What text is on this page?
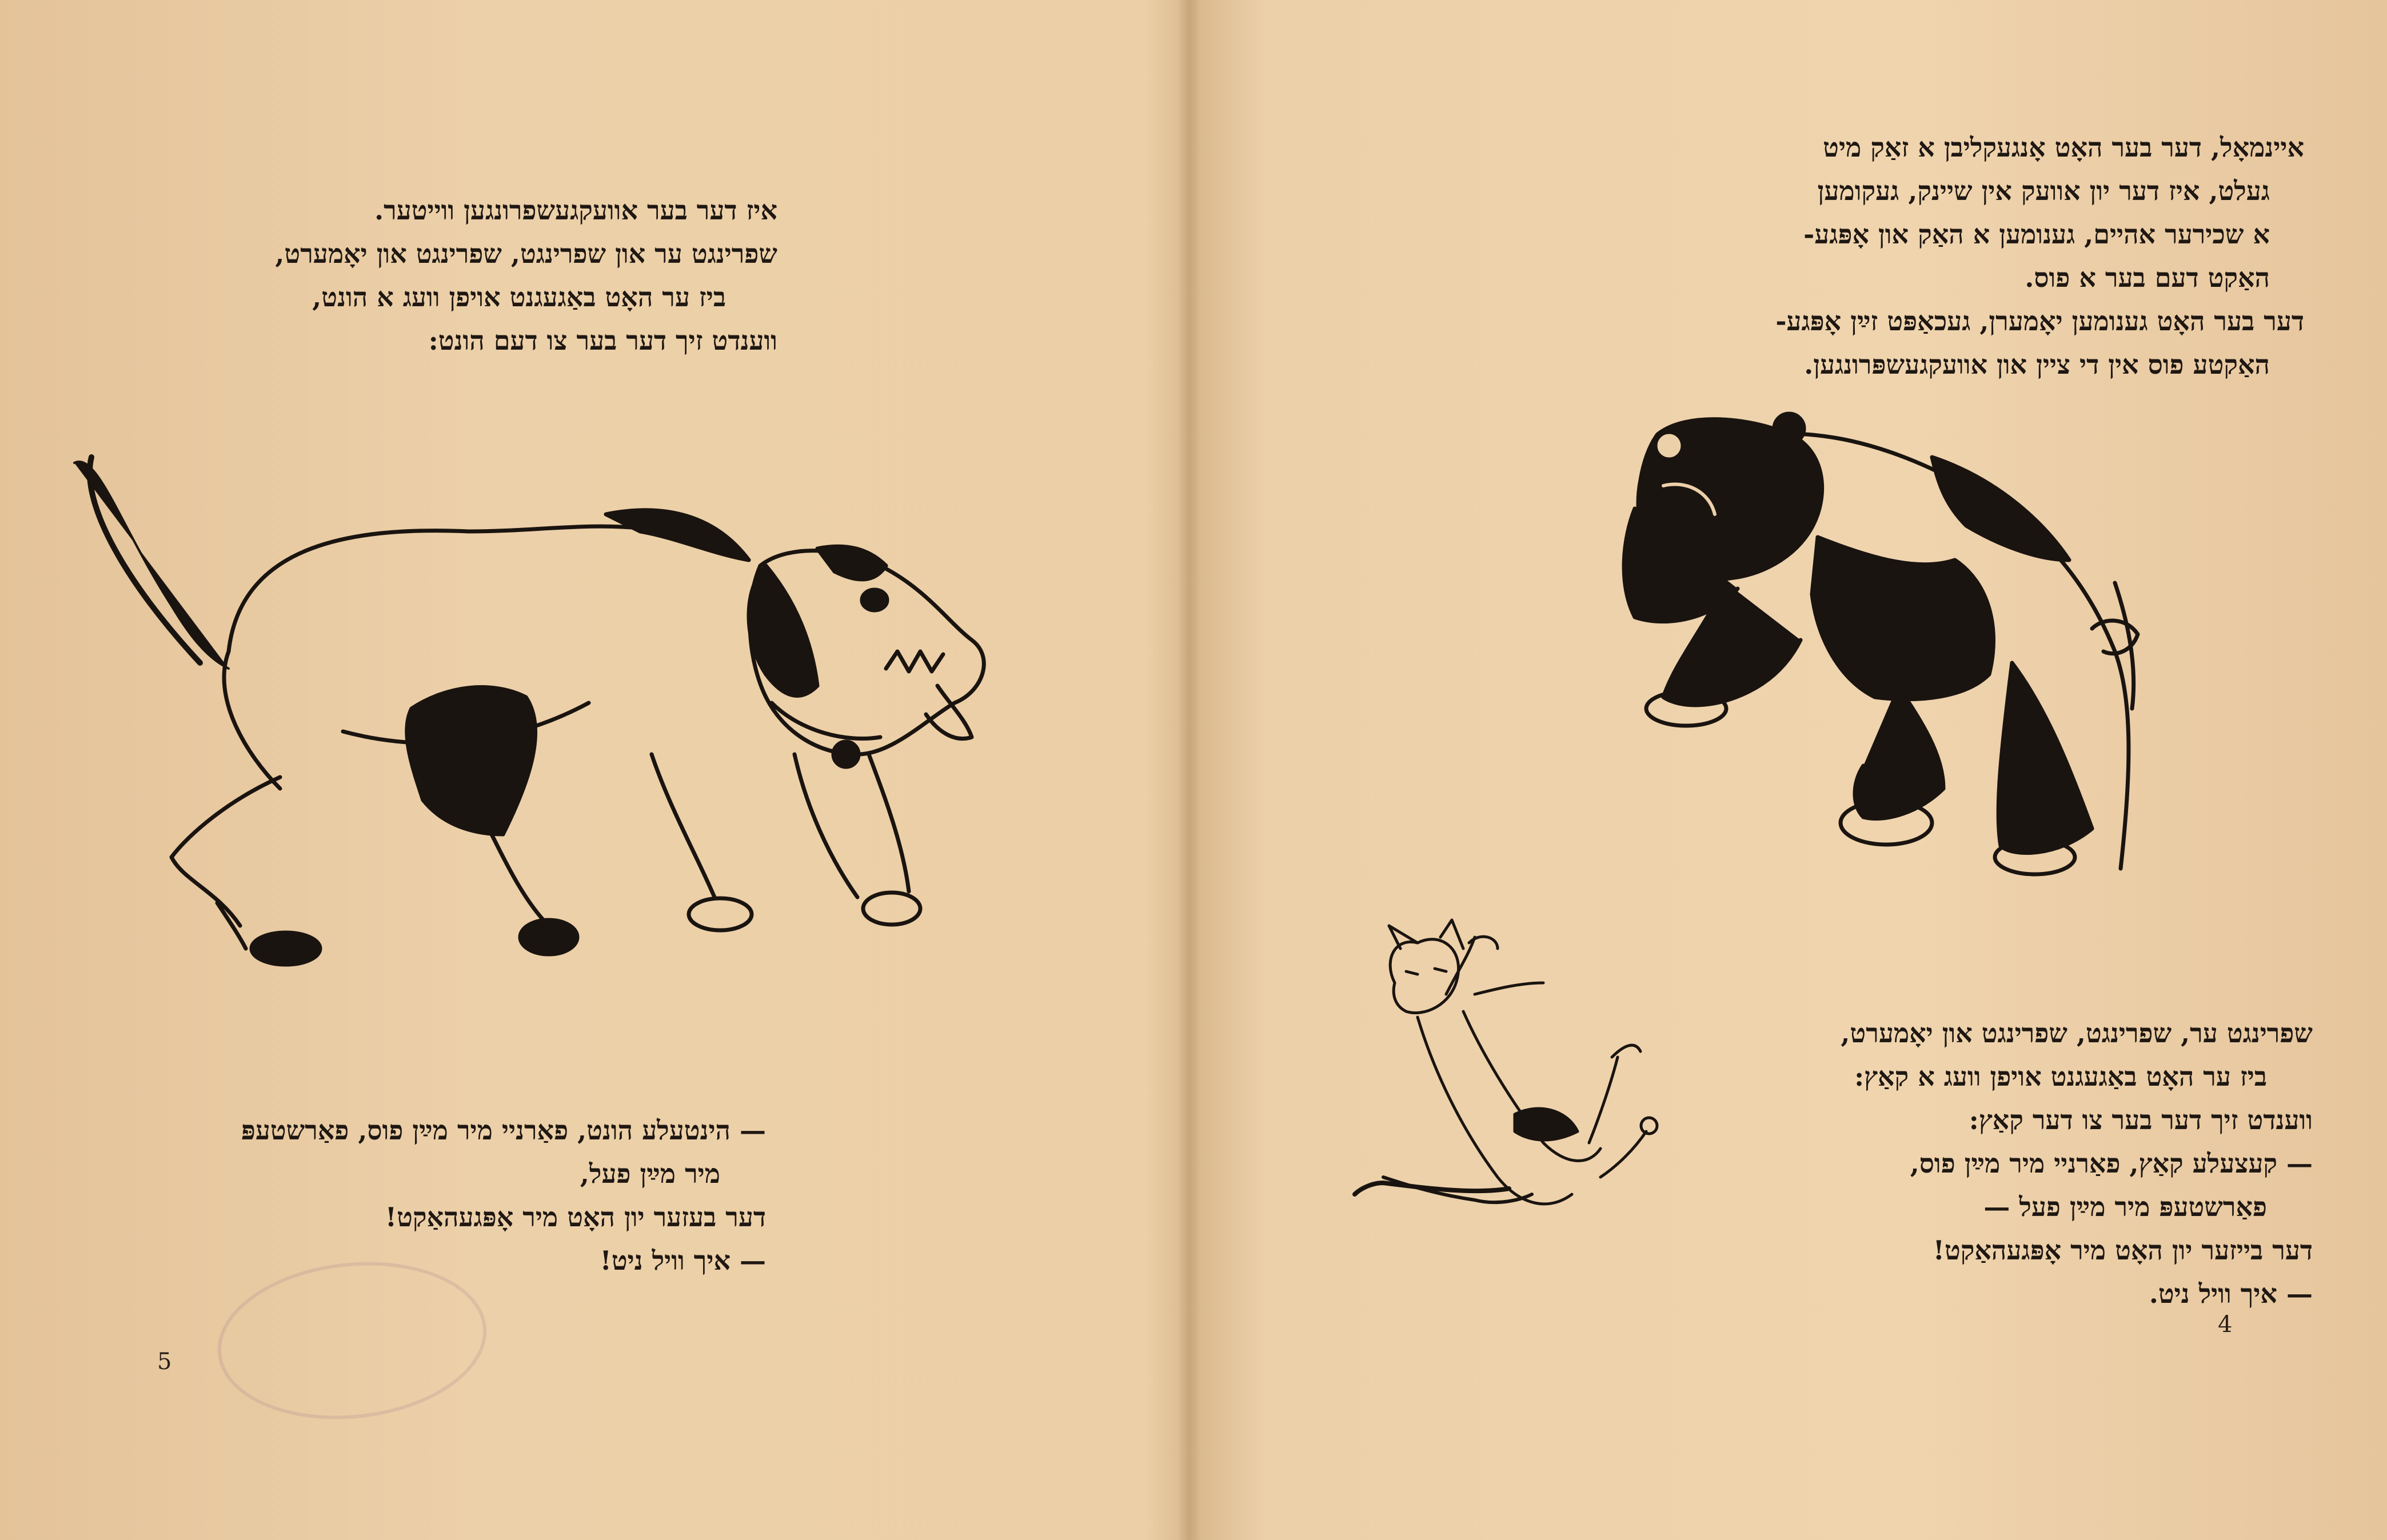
איז דער בער אוועקגעשפרונגען ווייטער.

שפרינגט ער און שפרינגט, שפרינגט און יאָמערט,

ביז ער האָט באַגעגנט אויפן וועג א הונט,

ווענדט זיך דער בער צו דעם הונט:

— הינטעלע הונט, פאַרניי מיר מײַן פוס, פאַרשטעפּ

מיר מײַן פעל,

דער בעזער יון האָט מיר אָפּגעהאַקט!

— איך וויל ניט!

5

איינמאָל, דער בער האָט אָנגעקליבן א זאַק מיט

געלט, איז דער יון אוועק אין שיינק, געקומען

א שכירער אהיים, גענומען א האַק און אָפּגע-

האַקט דעם בער א פוס.

דער בער האָט גענומען יאָמערן, געכאַפּט זײַן אָפּגע-

האַקטע פוס אין די ציין און אוועקגעשפּרונגען.

שפרינגט ער, שפרינגט, שפרינגט און יאָמערט,

ביז ער האָט באַגעגנט אויפן וועג א קאַץ:

ווענדט זיך דער בער צו דער קאַץ:

— קעצעלע קאַץ, פאַרניי מיר מײַן פוס,

פאַרשטעפּ מיר מײַן פעל —

דער בייזער יון האָט מיר אָפּגעהאַקט!

— איך וויל ניט.

4
